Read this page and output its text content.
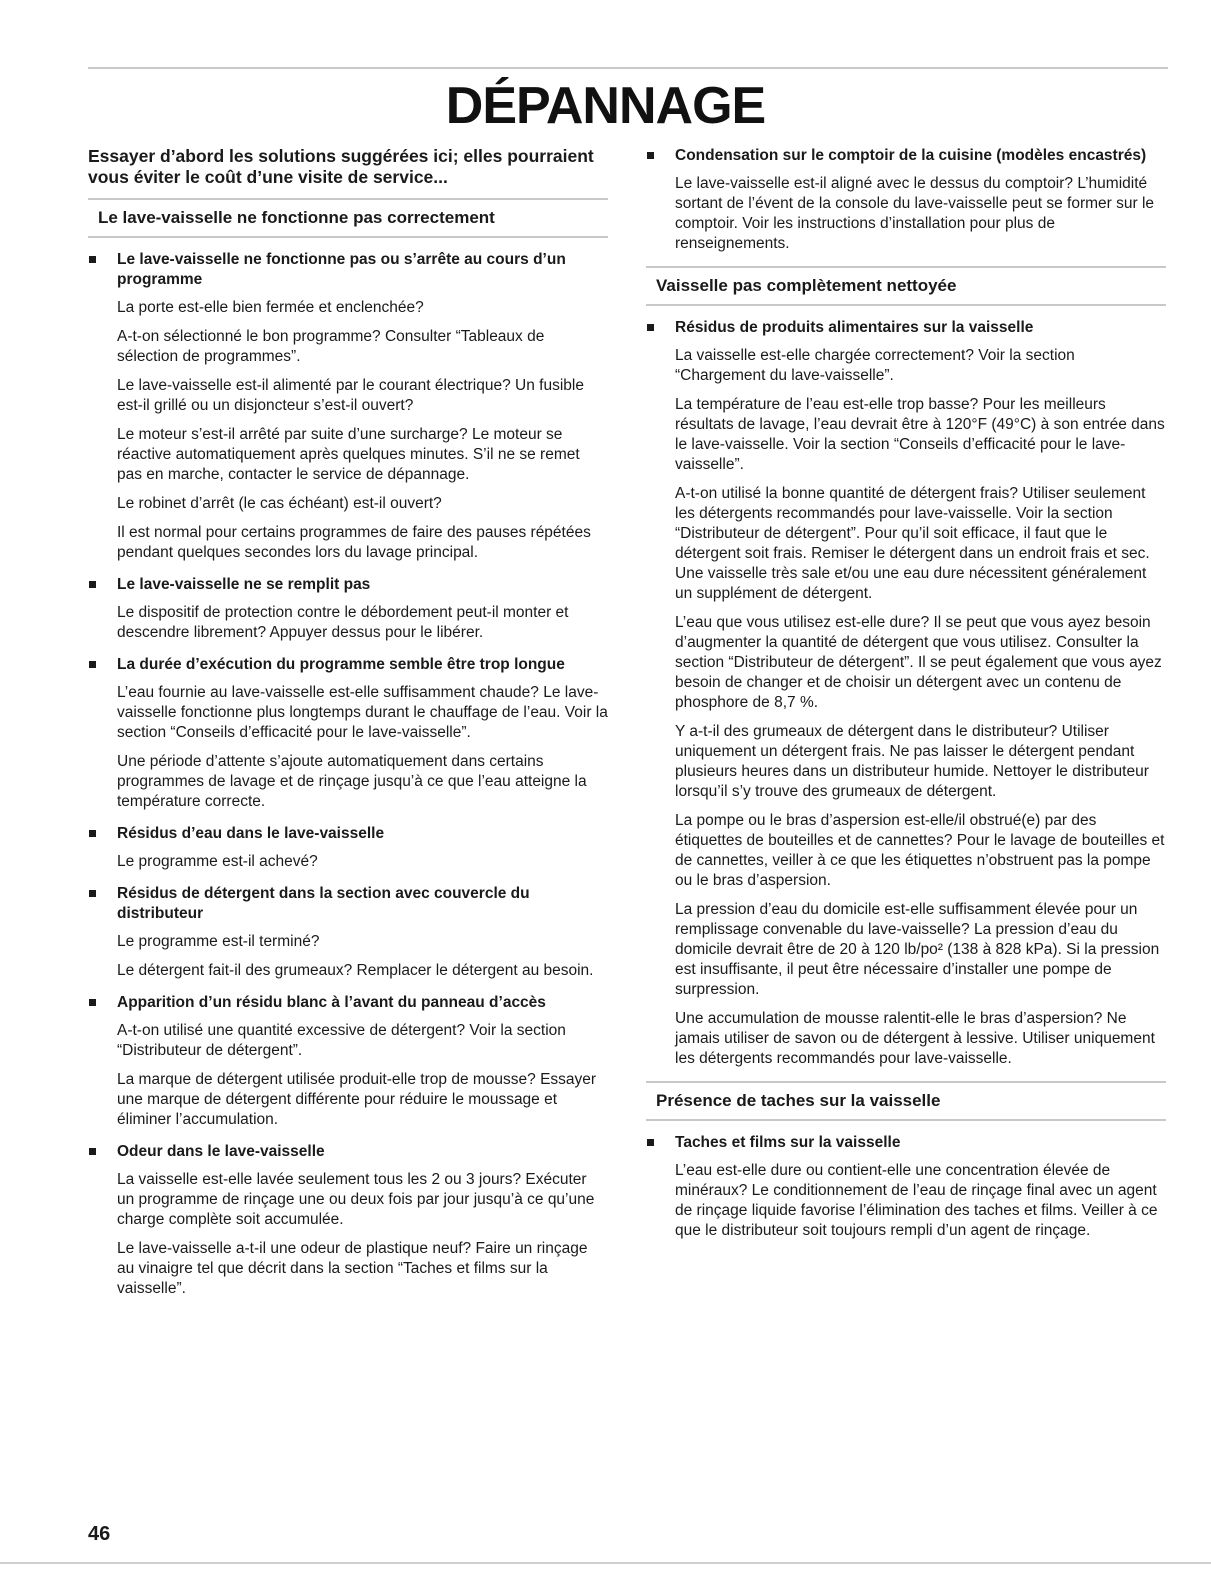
DÉPANNAGE
Essayer d’abord les solutions suggérées ici; elles pourraient vous éviter le coût d’une visite de service...
Le lave-vaisselle ne fonctionne pas correctement
Le lave-vaisselle ne fonctionne pas ou s’arrête au cours d’un programme

La porte est-elle bien fermée et enclenchée?

A-t-on sélectionné le bon programme? Consulter “Tableaux de sélection de programmes”.

Le lave-vaisselle est-il alimenté par le courant électrique? Un fusible est-il grillé ou un disjoncteur s’est-il ouvert?

Le moteur s’est-il arrêté par suite d’une surcharge? Le moteur se réactive automatiquement après quelques minutes. S’il ne se remet pas en marche, contacter le service de dépannage.

Le robinet d’arrêt (le cas échéant) est-il ouvert?

Il est normal pour certains programmes de faire des pauses répétées pendant quelques secondes lors du lavage principal.

Le lave-vaisselle ne se remplit pas

Le dispositif de protection contre le débordement peut-il monter et descendre librement? Appuyer dessus pour le libérer.

La durée d’exécution du programme semble être trop longue

L’eau fournie au lave-vaisselle est-elle suffisamment chaude? Le lave-vaisselle fonctionne plus longtemps durant le chauffage de l’eau. Voir la section “Conseils d’efficacité pour le lave-vaisselle”.

Une période d’attente s’ajoute automatiquement dans certains programmes de lavage et de rinçage jusqu’à ce que l’eau atteigne la température correcte.

Résidus d’eau dans le lave-vaisselle

Le programme est-il achevé?

Résidus de détergent dans la section avec couvercle du distributeur

Le programme est-il terminé?

Le détergent fait-il des grumeaux? Remplacer le détergent au besoin.

Apparition d’un résidu blanc à l’avant du panneau d’accès

A-t-on utilisé une quantité excessive de détergent? Voir la section “Distributeur de détergent”.

La marque de détergent utilisée produit-elle trop de mousse? Essayer une marque de détergent différente pour réduire le moussage et éliminer l’accumulation.

Odeur dans le lave-vaisselle

La vaisselle est-elle lavée seulement tous les 2 ou 3 jours? Exécuter un programme de rinçage une ou deux fois par jour jusqu’à ce qu’une charge complète soit accumulée.

Le lave-vaisselle a-t-il une odeur de plastique neuf? Faire un rinçage au vinaigre tel que décrit dans la section “Taches et films sur la vaisselle”.

Condensation sur le comptoir de la cuisine (modèles encastrés)

Le lave-vaisselle est-il aligné avec le dessus du comptoir? L’humidité sortant de l’évent de la console du lave-vaisselle peut se former sur le comptoir. Voir les instructions d’installation pour plus de renseignements.

Vaisselle pas complètement nettoyée
Résidus de produits alimentaires sur la vaisselle

La vaisselle est-elle chargée correctement? Voir la section “Chargement du lave-vaisselle”.

La température de l’eau est-elle trop basse? Pour les meilleurs résultats de lavage, l’eau devrait être à 120°F (49°C) à son entrée dans le lave-vaisselle. Voir la section “Conseils d’efficacité pour le lave-vaisselle”.

A-t-on utilisé la bonne quantité de détergent frais? Utiliser seulement les détergents recommandés pour lave-vaisselle. Voir la section “Distributeur de détergent”. Pour qu’il soit efficace, il faut que le détergent soit frais. Remiser le détergent dans un endroit frais et sec. Une vaisselle très sale et/ou une eau dure nécessitent généralement un supplément de détergent.

L’eau que vous utilisez est-elle dure? Il se peut que vous ayez besoin d’augmenter la quantité de détergent que vous utilisez. Consulter la section “Distributeur de détergent”. Il se peut également que vous ayez besoin de changer et de choisir un détergent avec un contenu de phosphore de 8,7 %.

Y a-t-il des grumeaux de détergent dans le distributeur? Utiliser uniquement un détergent frais. Ne pas laisser le détergent pendant plusieurs heures dans un distributeur humide. Nettoyer le distributeur lorsqu’il s’y trouve des grumeaux de détergent.

La pompe ou le bras d’aspersion est-elle/il obstrué(e) par des étiquettes de bouteilles et de cannettes? Pour le lavage de bouteilles et de cannettes, veiller à ce que les étiquettes n’obstruent pas la pompe ou le bras d’aspersion.

La pression d’eau du domicile est-elle suffisamment élevée pour un remplissage convenable du lave-vaisselle? La pression d’eau du domicile devrait être de 20 à 120 lb/po² (138 à 828 kPa). Si la pression est insuffisante, il peut être nécessaire d’installer une pompe de surpression.

Une accumulation de mousse ralentit-elle le bras d’aspersion? Ne jamais utiliser de savon ou de détergent à lessive. Utiliser uniquement les détergents recommandés pour lave-vaisselle.

Présence de taches sur la vaisselle
Taches et films sur la vaisselle

L’eau est-elle dure ou contient-elle une concentration élevée de minéraux? Le conditionnement de l’eau de rinçage final avec un agent de rinçage liquide favorise l’élimination des taches et films. Veiller à ce que le distributeur soit toujours rempli d’un agent de rinçage.

46
